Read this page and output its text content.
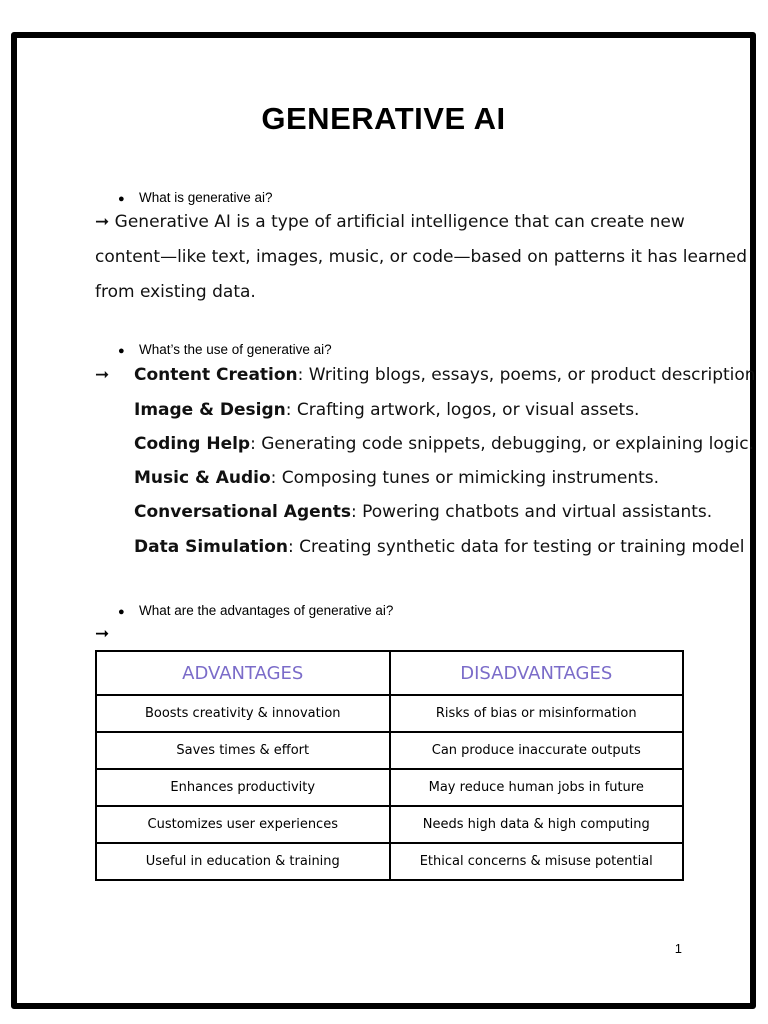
GENERATIVE AI

● What is generative ai?

➞ Generative AI is a type of artificial intelligence that can create new

content—like text, images, music, or code—based on patterns it has learned

from existing data.

● What’s the use of generative ai?

➞ Content Creation: Writing blogs, essays, poems, or product description

Image & Design: Crafting artwork, logos, or visual assets.

Coding Help: Generating code snippets, debugging, or explaining logic.

Music & Audio: Composing tunes or mimicking instruments.

Conversational Agents: Powering chatbots and virtual assistants.

Data Simulation: Creating synthetic data for testing or training model

● What are the advantages of generative ai?

➞

ADVANTAGES	DISADVANTAGES
Boosts creativity & innovation	Risks of bias or misinformation
Saves times & effort	Can produce inaccurate outputs
Enhances productivity	May reduce human jobs in future
Customizes user experiences	Needs high data & high computing
Useful in education & training	Ethical concerns & misuse potential

1
